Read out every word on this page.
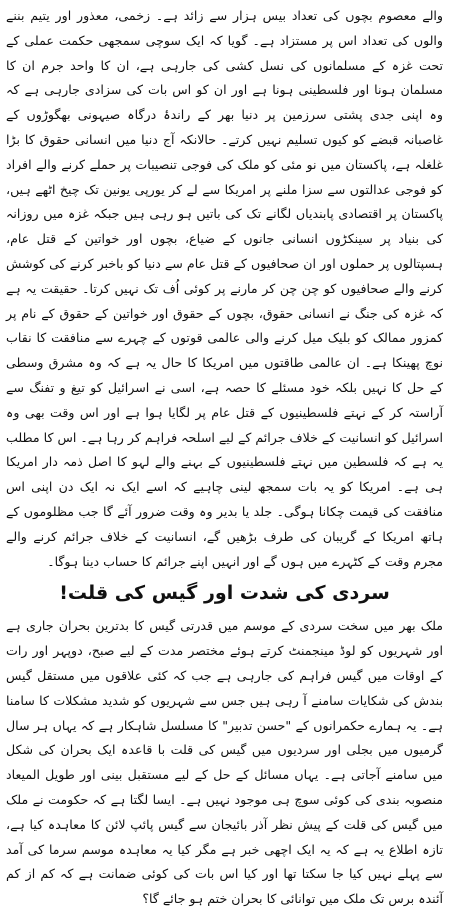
والے معصوم بچوں کی تعداد بیس ہزار سے زائد ہے۔ زخمی، معذور اور یتیم بننے والوں کی تعداد اس پر مستزاد ہے۔ گویا کہ ایک سوچی سمجھی حکمت عملی کے تحت غزہ کے مسلمانوں کی نسل کشی کی جارہی ہے، ان کا واحد جرم ان کا مسلمان ہونا اور فلسطینی ہونا ہے اور ان کو اس بات کی سزادی جارہی ہے کہ وہ اپنی جدی پشتی سرزمین پر دنیا بھر کے راندۂ درگاہ صیہونی بھگوڑوں کے غاصبانہ قبضے کو کیوں تسلیم نہیں کرتے۔ حالانکہ آج دنیا میں انسانی حقوق کا بڑا غلغلہ ہے، پاکستان میں نو مئی کو ملک کی فوجی تنصیبات پر حملے کرنے والے افراد کو فوجی عدالتوں سے سزا ملنے پر امریکا سے لے کر یورپی یونین تک چیخ اٹھے ہیں، پاکستان پر اقتصادی پابندیاں لگانے تک کی باتیں ہو رہی ہیں جبکہ غزہ میں روزانہ کی بنیاد پر سینکڑوں انسانی جانوں کے ضیاع، بچوں اور خواتین کے قتل عام، ہسپتالوں پر حملوں اور ان صحافیوں کے قتل عام سے دنیا کو باخبر کرنے کی کوشش کرنے والے صحافیوں کو چن چن کر مارنے پر کوئی اُف تک نہیں کرتا۔ حقیقت یہ ہے کہ غزہ کی جنگ نے انسانی حقوق، بچوں کے حقوق اور خواتین کے حقوق کے نام پر کمزور ممالک کو بلیک میل کرنے والی عالمی قوتوں کے چہرے سے منافقت کا نقاب نوچ پھینکا ہے۔ ان عالمی طاقتوں میں امریکا کا حال یہ ہے کہ وہ مشرق وسطی کے حل کا نہیں بلکہ خود مسئلے کا حصہ ہے، اسی نے اسرائیل کو تیغ و تفنگ سے آراستہ کر کے نہتے فلسطینیوں کے قتل عام پر لگایا ہوا ہے اور اس وقت بھی وہ اسرائیل کو انسانیت کے خلاف جرائم کے لیے اسلحہ فراہم کر رہا ہے۔ اس کا مطلب یہ ہے کہ فلسطین میں نہتے فلسطینیوں کے بہنے والے لہو کا اصل ذمہ دار امریکا ہی ہے۔ امریکا کو یہ بات سمجھ لینی چاہیے کہ اسے ایک نہ ایک دن اپنی اس منافقت کی قیمت چکانا ہوگی۔ جلد یا بدیر وہ وقت ضرور آئے گا جب مظلوموں کے ہاتھ امریکا کے گریبان کی طرف بڑھیں گے، انسانیت کے خلاف جرائم کرنے والے مجرم وقت کے کٹہرے میں ہوں گے اور انہیں اپنے جرائم کا حساب دینا ہوگا۔

سردی کی شدت اور گیس کی قلت!

ملک بھر میں سخت سردی کے موسم میں قدرتی گیس کا بدترین بحران جاری ہے اور شہریوں کو لوڈ مینجمنٹ کرتے ہوئے مختصر مدت کے لیے صبح، دوپہر اور رات کے اوقات میں گیس فراہم کی جارہی ہے جب کہ کئی علاقوں میں مستقل گیس بندش کی شکایات سامنے آ رہی ہیں جس سے شہریوں کو شدید مشکلات کا سامنا ہے۔ یہ ہمارے حکمرانوں کے "حسن تدبیر" کا مسلسل شاہکار ہے کہ یہاں ہر سال گرمیوں میں بجلی اور سردیوں میں گیس کی قلت با قاعدہ ایک بحران کی شکل میں سامنے آجاتی ہے۔ یہاں مسائل کے حل کے لیے مستقبل بینی اور طویل المیعاد منصوبہ بندی کی کوئی سوچ ہی موجود نہیں ہے۔ ایسا لگتا ہے کہ حکومت نے ملک میں گیس کی قلت کے پیش نظر آذر بائیجان سے گیس پائپ لائن کا معاہدہ کیا ہے، تازہ اطلاع یہ ہے کہ یہ ایک اچھی خبر ہے مگر کیا یہ معاہدہ موسم سرما کی آمد سے پہلے نہیں کیا جا سکتا تھا اور کیا اس بات کی کوئی ضمانت ہے کہ کم از کم آئندہ برس تک ملک میں توانائی کا بحران ختم ہو جائے گا؟
